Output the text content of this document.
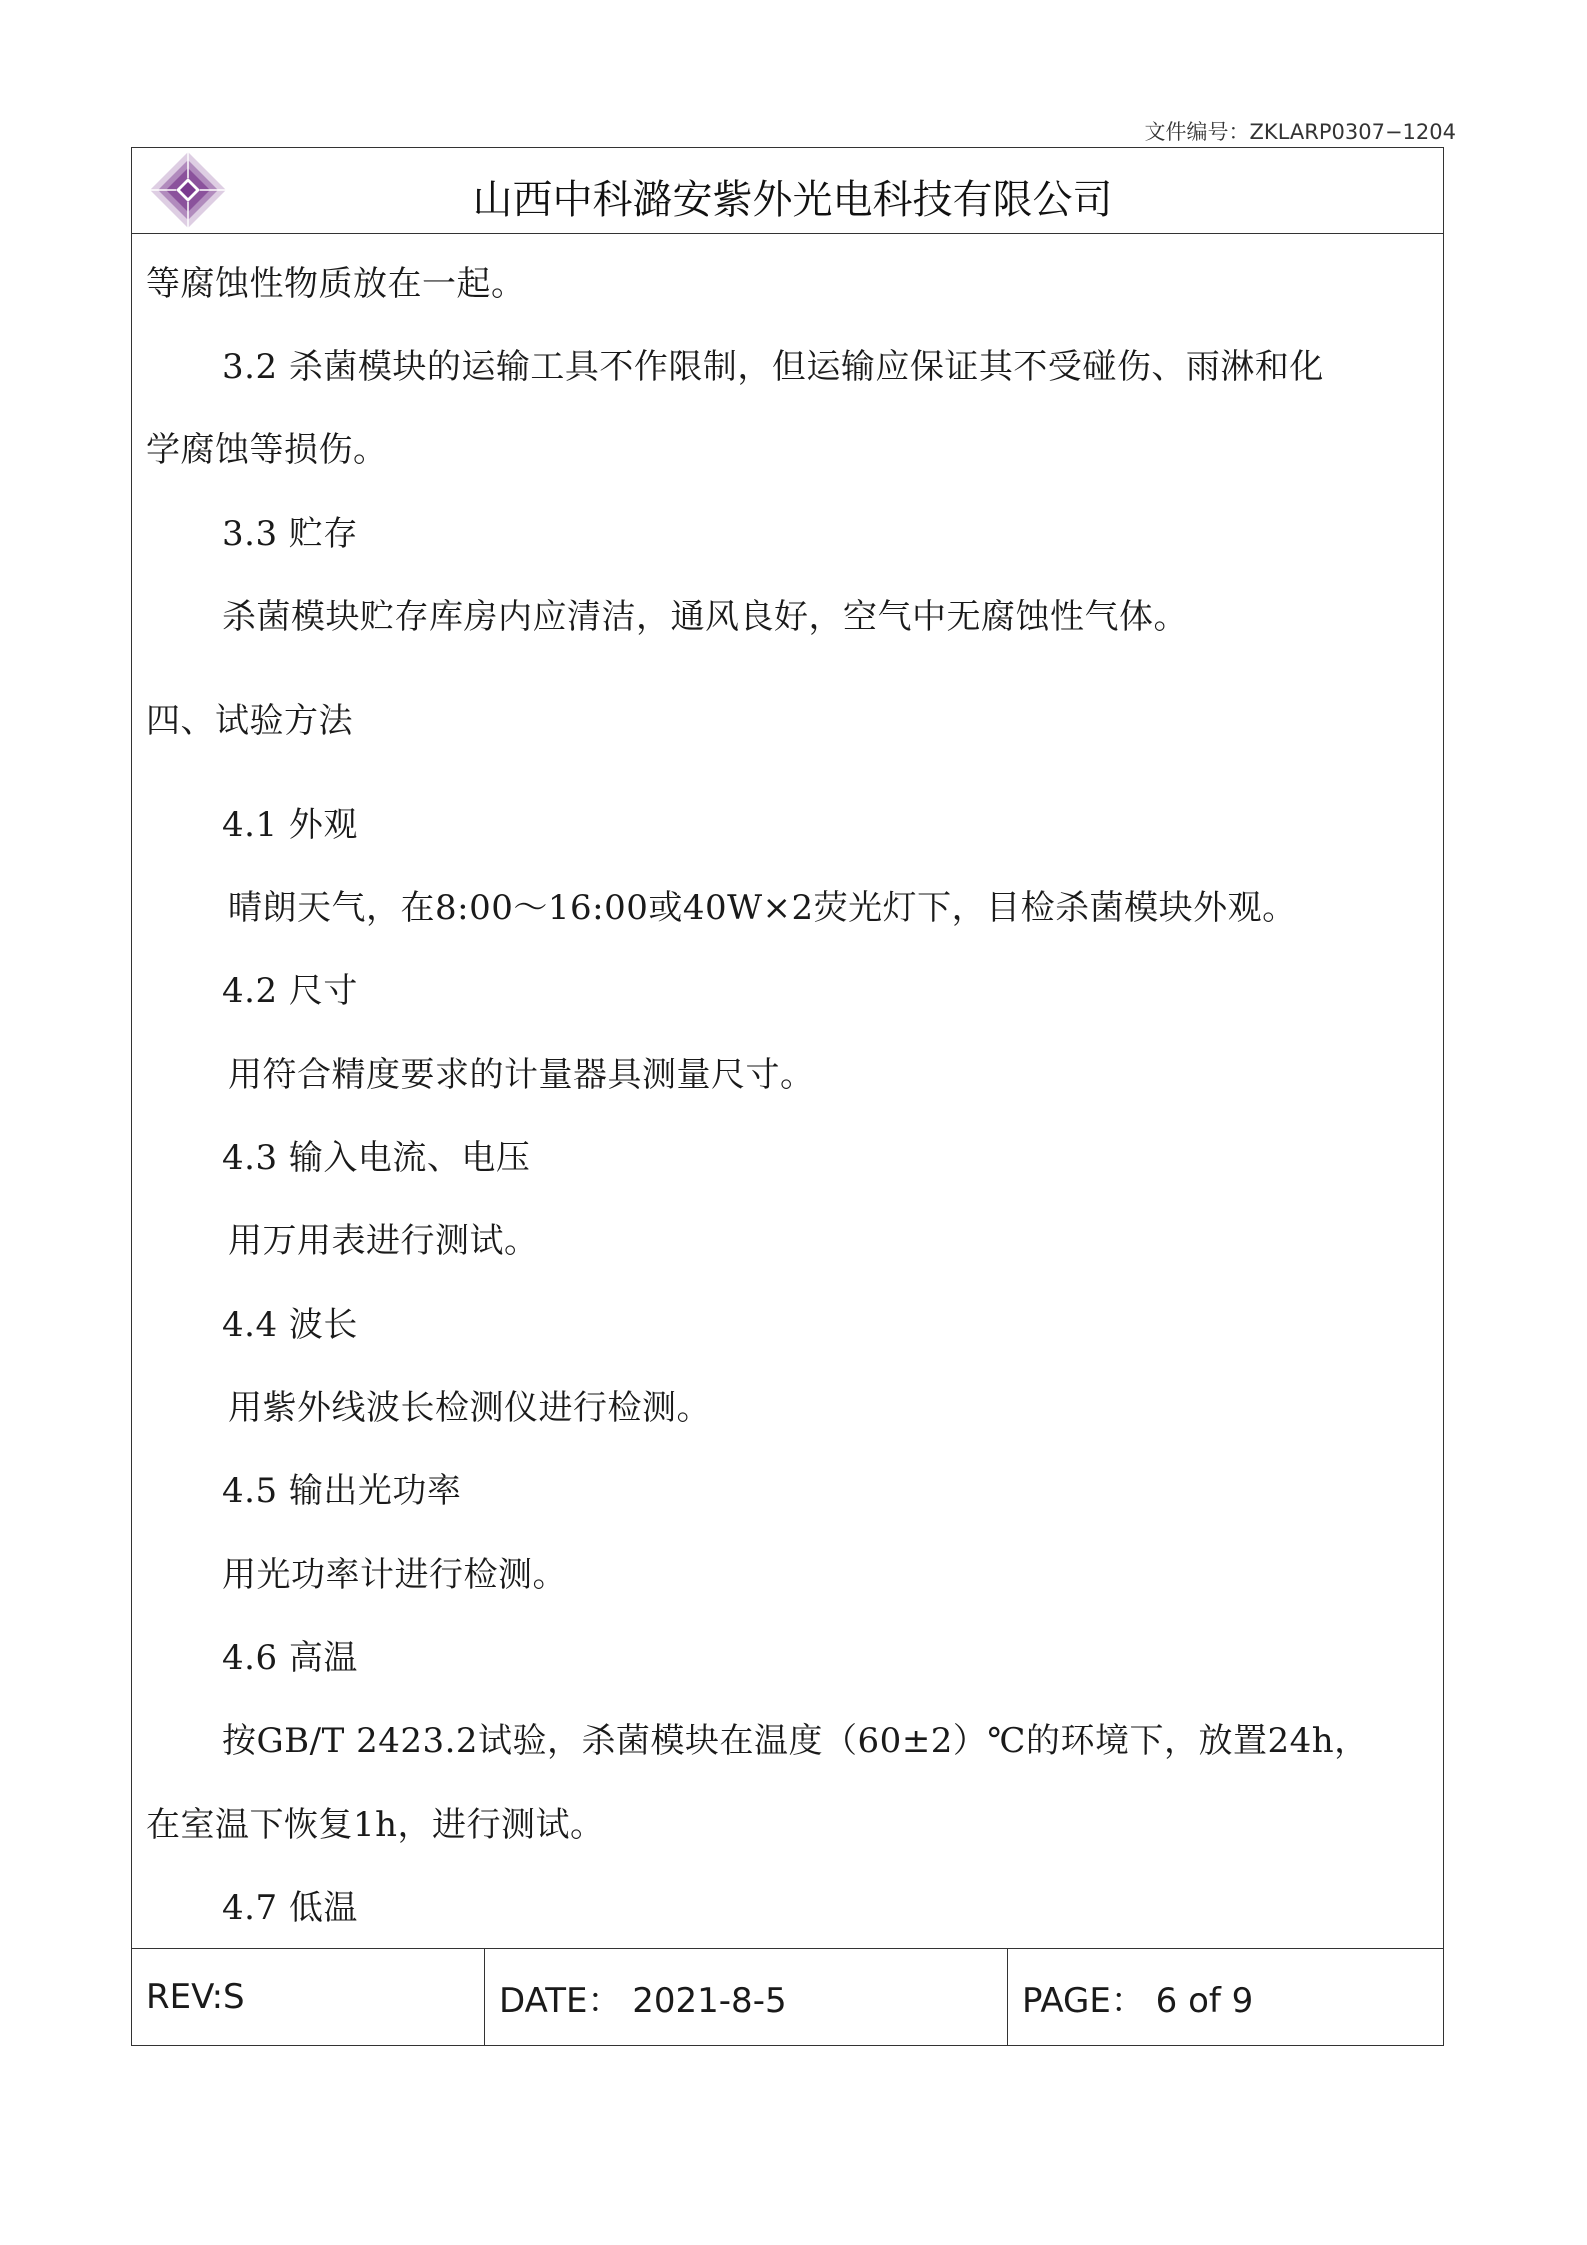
文件编号：ZKLARP0307−1204
山西中科潞安紫外光电科技有限公司
等腐蚀性物质放在一起。
3.2 杀菌模块的运输工具不作限制，但运输应保证其不受碰伤、雨淋和化
学腐蚀等损伤。
3.3 贮存
杀菌模块贮存库房内应清洁，通风良好，空气中无腐蚀性气体。
四、试验方法
4.1 外观
晴朗天气，在8:00～16:00或40W×2荧光灯下，目检杀菌模块外观。
4.2 尺寸
用符合精度要求的计量器具测量尺寸。
4.3 输入电流、电压
用万用表进行测试。
4.4 波长
用紫外线波长检测仪进行检测。
4.5 输出光功率
用光功率计进行检测。
4.6 高温
按GB/T 2423.2试验，杀菌模块在温度（60±2）℃的环境下，放置24h，
在室温下恢复1h，进行测试。
4.7 低温
REV:S	DATE： 2021-8-5	PAGE： 6 of 9
